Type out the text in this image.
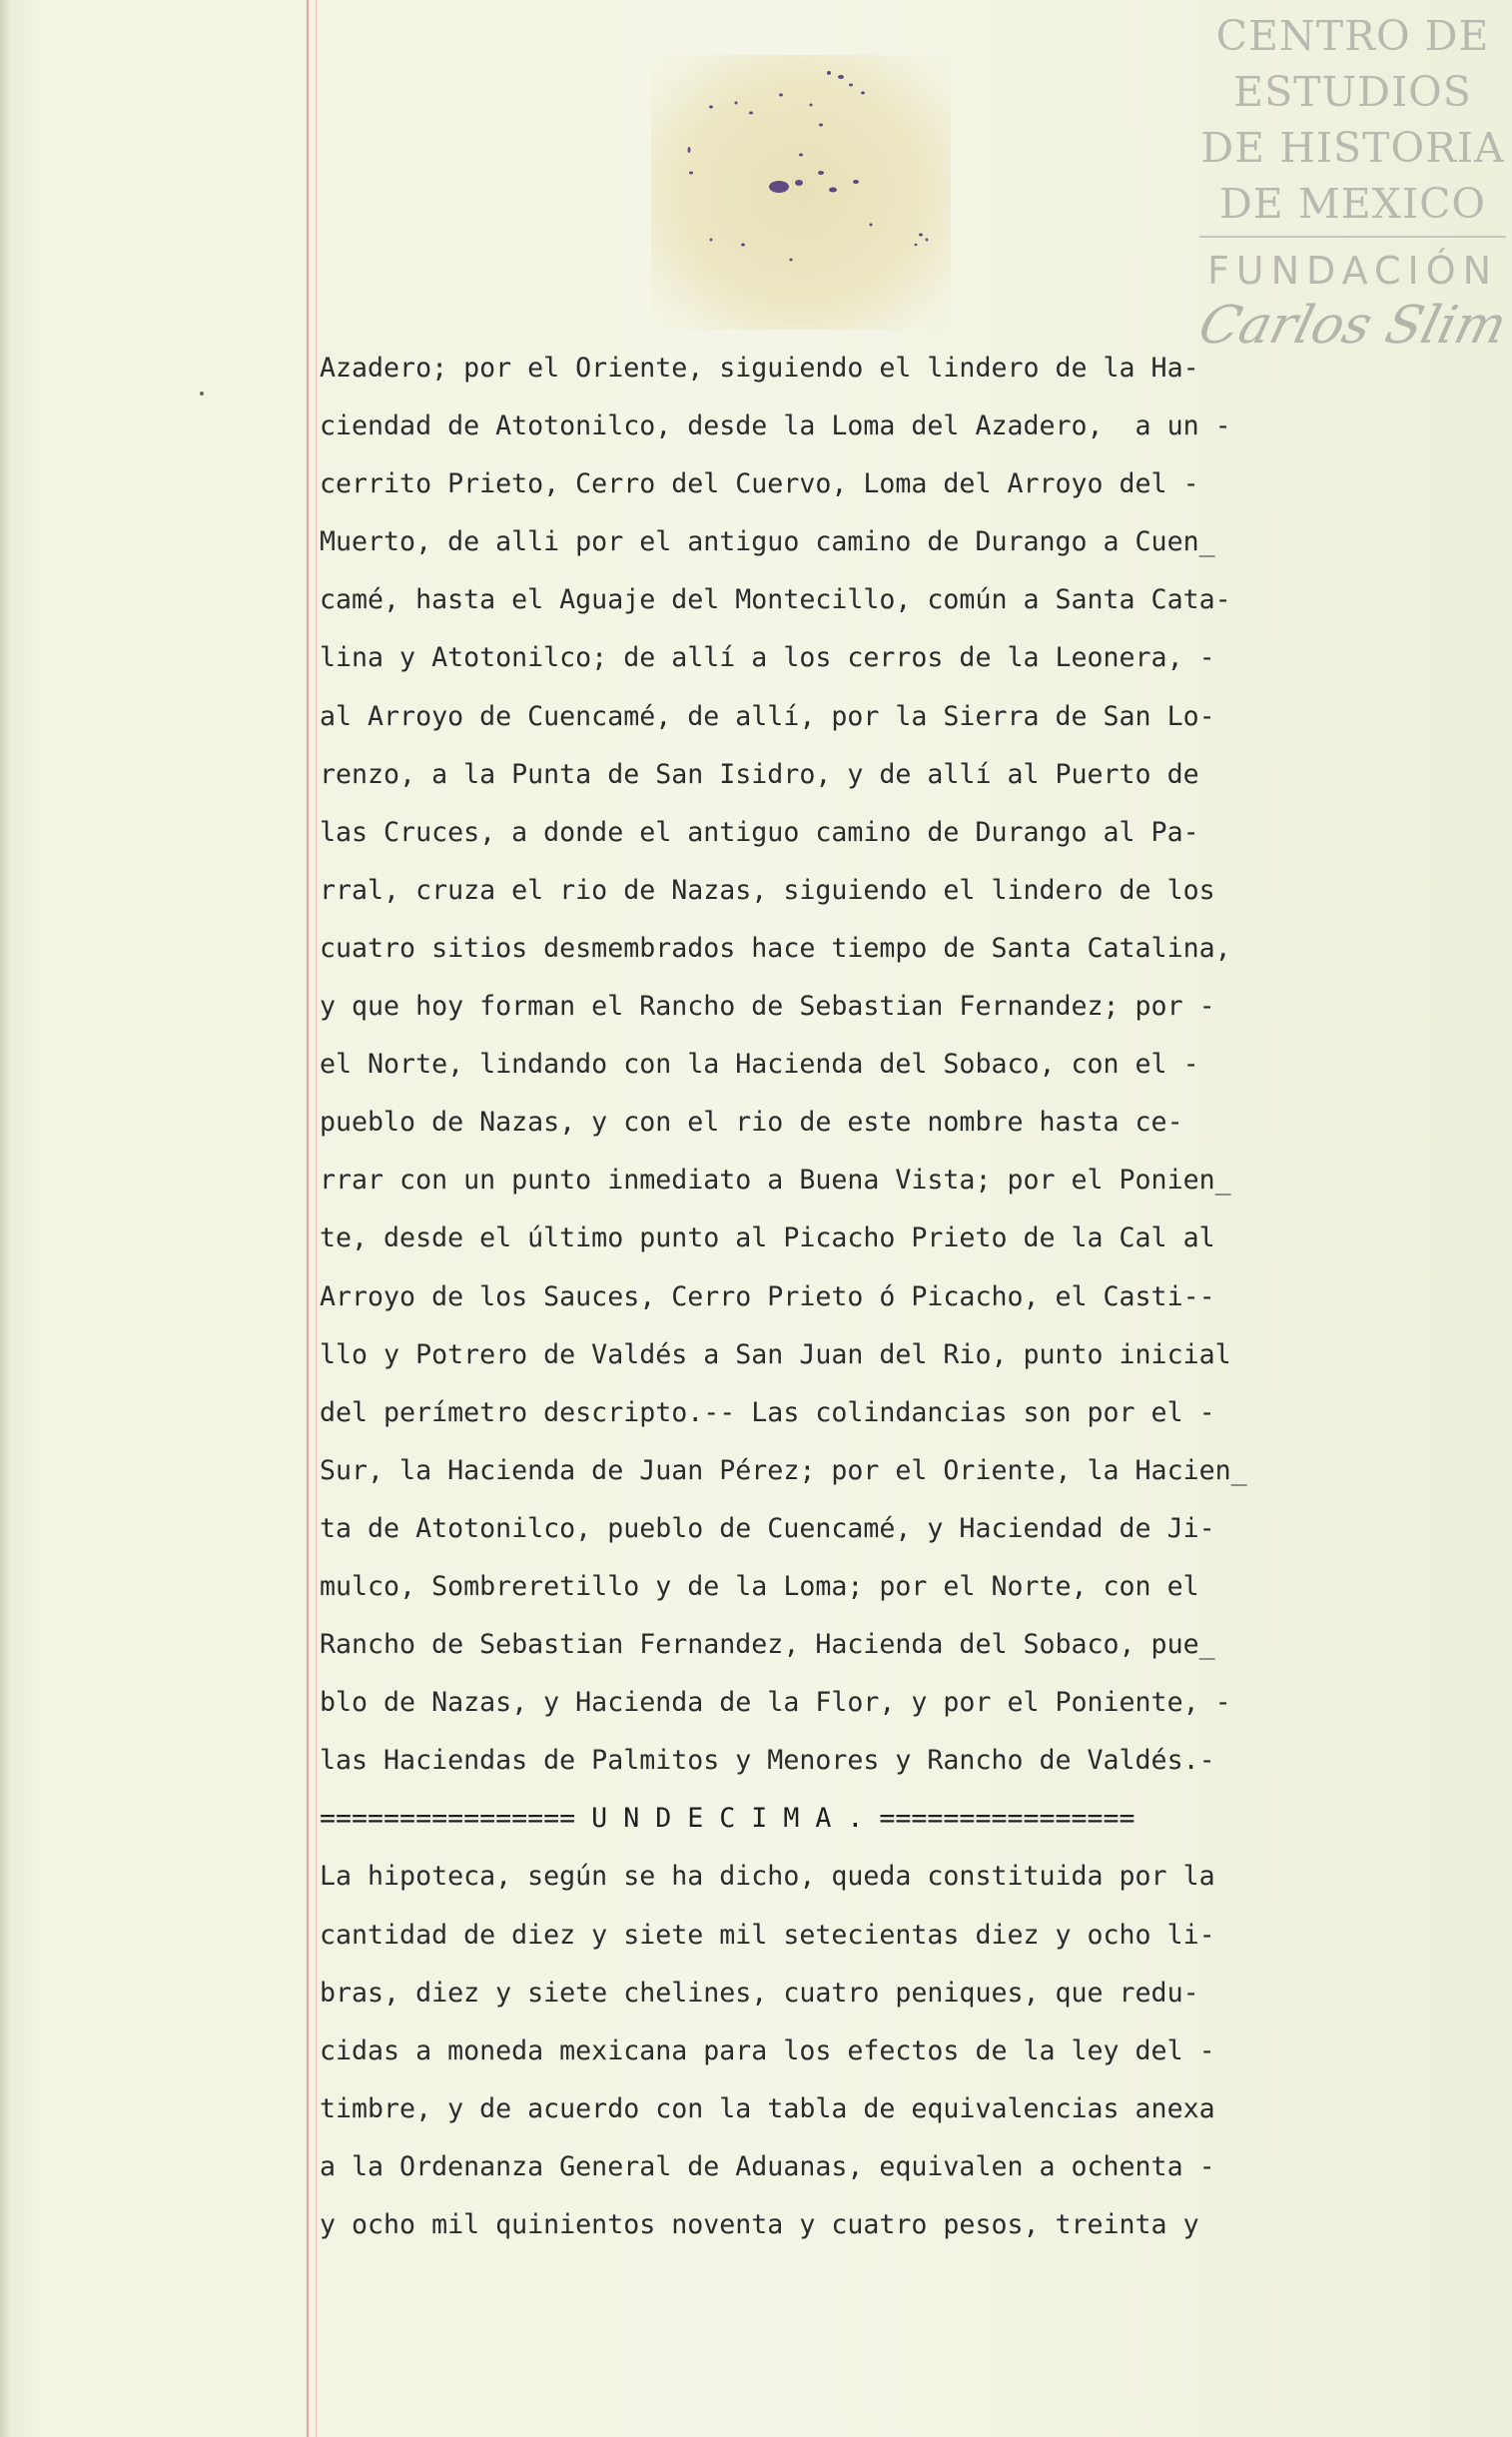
CENTRO DE
ESTUDIOS
DE HISTORIA
DE MEXICO
FUNDACIÓN
Carlos Slim
Azadero; por el Oriente, siguiendo el lindero de la Ha-
ciendad de Atotonilco, desde la Loma del Azadero,  a un -
cerrito Prieto, Cerro del Cuervo, Loma del Arroyo del -
Muerto, de alli por el antiguo camino de Durango a Cuen_
camé, hasta el Aguaje del Montecillo, común a Santa Cata-
lina y Atotonilco; de allí a los cerros de la Leonera, -
al Arroyo de Cuencamé, de allí, por la Sierra de San Lo-
renzo, a la Punta de San Isidro, y de allí al Puerto de
las Cruces, a donde el antiguo camino de Durango al Pa-
rral, cruza el rio de Nazas, siguiendo el lindero de los
cuatro sitios desmembrados hace tiempo de Santa Catalina,
y que hoy forman el Rancho de Sebastian Fernandez; por -
el Norte, lindando con la Hacienda del Sobaco, con el -
pueblo de Nazas, y con el rio de este nombre hasta ce-
rrar con un punto inmediato a Buena Vista; por el Ponien_
te, desde el último punto al Picacho Prieto de la Cal al
Arroyo de los Sauces, Cerro Prieto ó Picacho, el Casti--
llo y Potrero de Valdés a San Juan del Rio, punto inicial
del perímetro descripto.-- Las colindancias son por el -
Sur, la Hacienda de Juan Pérez; por el Oriente, la Hacien_
ta de Atotonilco, pueblo de Cuencamé, y Haciendad de Ji-
mulco, Sombreretillo y de la Loma; por el Norte, con el
Rancho de Sebastian Fernandez, Hacienda del Sobaco, pue_
blo de Nazas, y Hacienda de la Flor, y por el Poniente, -
las Haciendas de Palmitos y Menores y Rancho de Valdés.-
================ U N D E C I M A . ================
La hipoteca, según se ha dicho, queda constituida por la
cantidad de diez y siete mil setecientas diez y ocho li-
bras, diez y siete chelines, cuatro peniques, que redu-
cidas a moneda mexicana para los efectos de la ley del -
timbre, y de acuerdo con la tabla de equivalencias anexa
a la Ordenanza General de Aduanas, equivalen a ochenta -
y ocho mil quinientos noventa y cuatro pesos, treinta y
